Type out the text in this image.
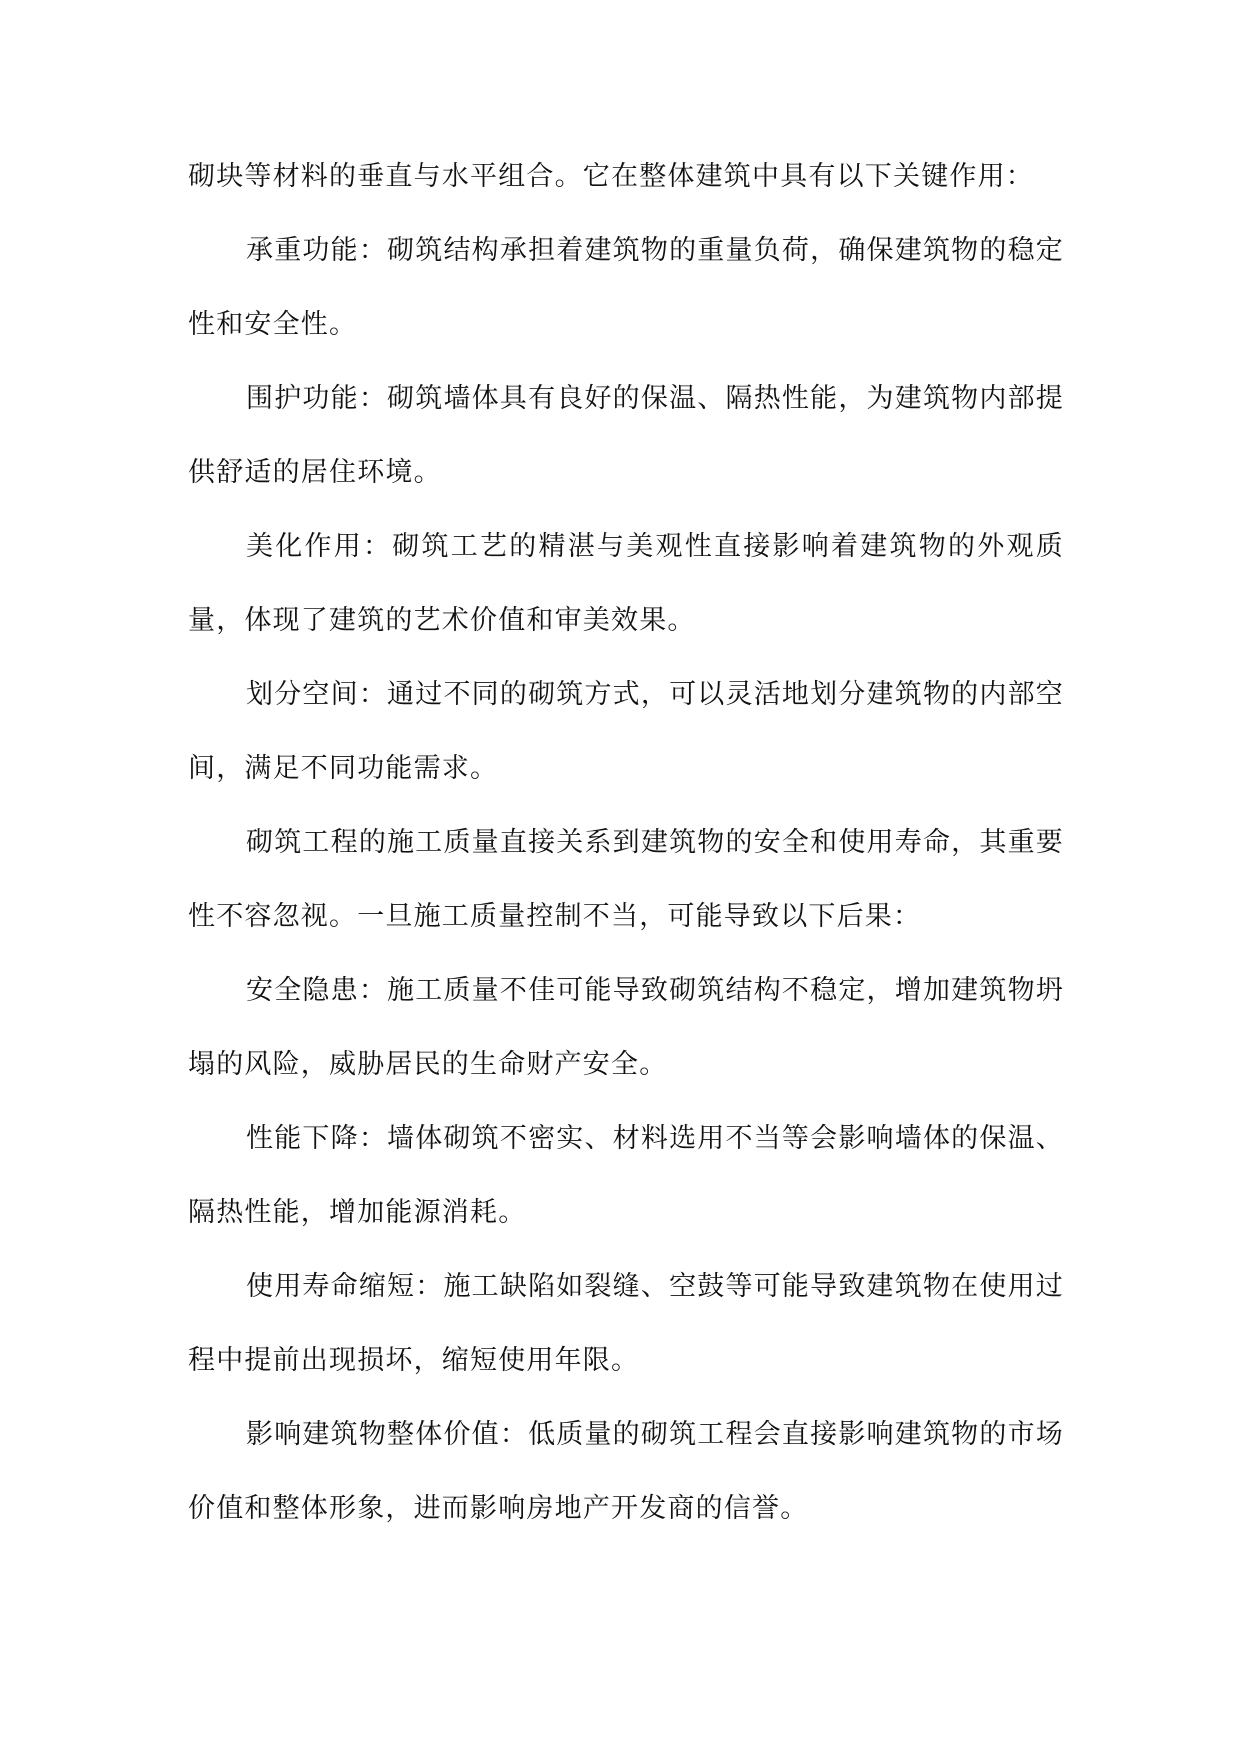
砌块等材料的垂直与水平组合。它在整体建筑中具有以下关键作用：

承重功能：砌筑结构承担着建筑物的重量负荷，确保建筑物的稳定性和安全性。

围护功能：砌筑墙体具有良好的保温、隔热性能，为建筑物内部提供舒适的居住环境。

美化作用：砌筑工艺的精湛与美观性直接影响着建筑物的外观质量，体现了建筑的艺术价值和审美效果。

划分空间：通过不同的砌筑方式，可以灵活地划分建筑物的内部空间，满足不同功能需求。

砌筑工程的施工质量直接关系到建筑物的安全和使用寿命，其重要性不容忽视。一旦施工质量控制不当，可能导致以下后果：

安全隐患：施工质量不佳可能导致砌筑结构不稳定，增加建筑物坍塌的风险，威胁居民的生命财产安全。

性能下降：墙体砌筑不密实、材料选用不当等会影响墙体的保温、隔热性能，增加能源消耗。

使用寿命缩短：施工缺陷如裂缝、空鼓等可能导致建筑物在使用过程中提前出现损坏，缩短使用年限。

影响建筑物整体价值：低质量的砌筑工程会直接影响建筑物的市场价值和整体形象，进而影响房地产开发商的信誉。
